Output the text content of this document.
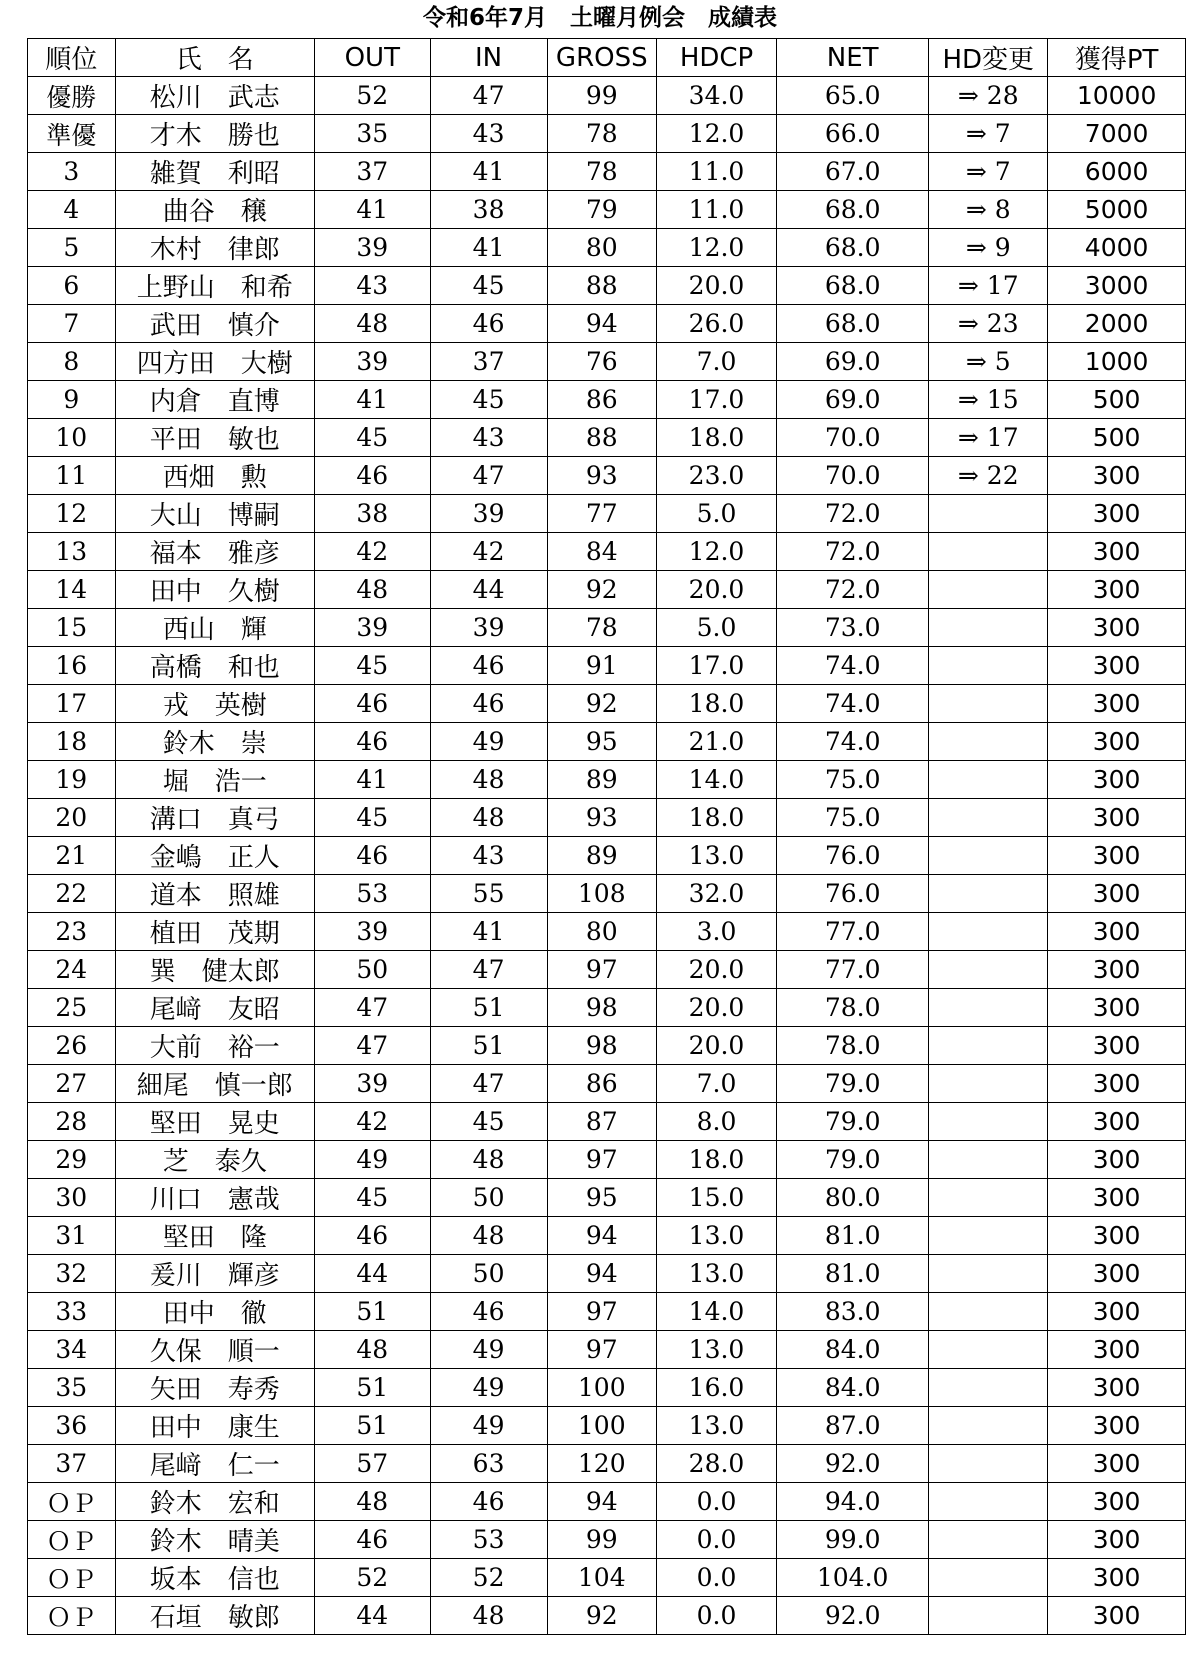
令和6年7月　土曜月例会　成績表
順位	氏　名	OUT	IN	GROSS	HDCP	NET	HD変更	獲得PT
優勝	松川　武志	52	47	99	34.0	65.0	⇒ 28	10000
準優	才木　勝也	35	43	78	12.0	66.0	⇒ 7	7000
3	雑賀　利昭	37	41	78	11.0	67.0	⇒ 7	6000
4	曲谷　穣	41	38	79	11.0	68.0	⇒ 8	5000
5	木村　律郎	39	41	80	12.0	68.0	⇒ 9	4000
6	上野山　和希	43	45	88	20.0	68.0	⇒ 17	3000
7	武田　慎介	48	46	94	26.0	68.0	⇒ 23	2000
8	四方田　大樹	39	37	76	7.0	69.0	⇒ 5	1000
9	内倉　直博	41	45	86	17.0	69.0	⇒ 15	500
10	平田　敏也	45	43	88	18.0	70.0	⇒ 17	500
11	西畑　勲	46	47	93	23.0	70.0	⇒ 22	300
12	大山　博嗣	38	39	77	5.0	72.0		300
13	福本　雅彦	42	42	84	12.0	72.0		300
14	田中　久樹	48	44	92	20.0	72.0		300
15	西山　輝	39	39	78	5.0	73.0		300
16	高橋　和也	45	46	91	17.0	74.0		300
17	戎　英樹	46	46	92	18.0	74.0		300
18	鈴木　崇	46	49	95	21.0	74.0		300
19	堀　浩一	41	48	89	14.0	75.0		300
20	溝口　真弓	45	48	93	18.0	75.0		300
21	金嶋　正人	46	43	89	13.0	76.0		300
22	道本　照雄	53	55	108	32.0	76.0		300
23	植田　茂期	39	41	80	3.0	77.0		300
24	巽　健太郎	50	47	97	20.0	77.0		300
25	尾﨑　友昭	47	51	98	20.0	78.0		300
26	大前　裕一	47	51	98	20.0	78.0		300
27	細尾　慎一郎	39	47	86	7.0	79.0		300
28	堅田　晃史	42	45	87	8.0	79.0		300
29	芝　泰久	49	48	97	18.0	79.0		300
30	川口　憲哉	45	50	95	15.0	80.0		300
31	堅田　隆	46	48	94	13.0	81.0		300
32	爰川　輝彦	44	50	94	13.0	81.0		300
33	田中　徹	51	46	97	14.0	83.0		300
34	久保　順一	48	49	97	13.0	84.0		300
35	矢田　寿秀	51	49	100	16.0	84.0		300
36	田中　康生	51	49	100	13.0	87.0		300
37	尾﨑　仁一	57	63	120	28.0	92.0		300
ＯＰ	鈴木　宏和	48	46	94	0.0	94.0		300
ＯＰ	鈴木　晴美	46	53	99	0.0	99.0		300
ＯＰ	坂本　信也	52	52	104	0.0	104.0		300
ＯＰ	石垣　敏郎	44	48	92	0.0	92.0		300
